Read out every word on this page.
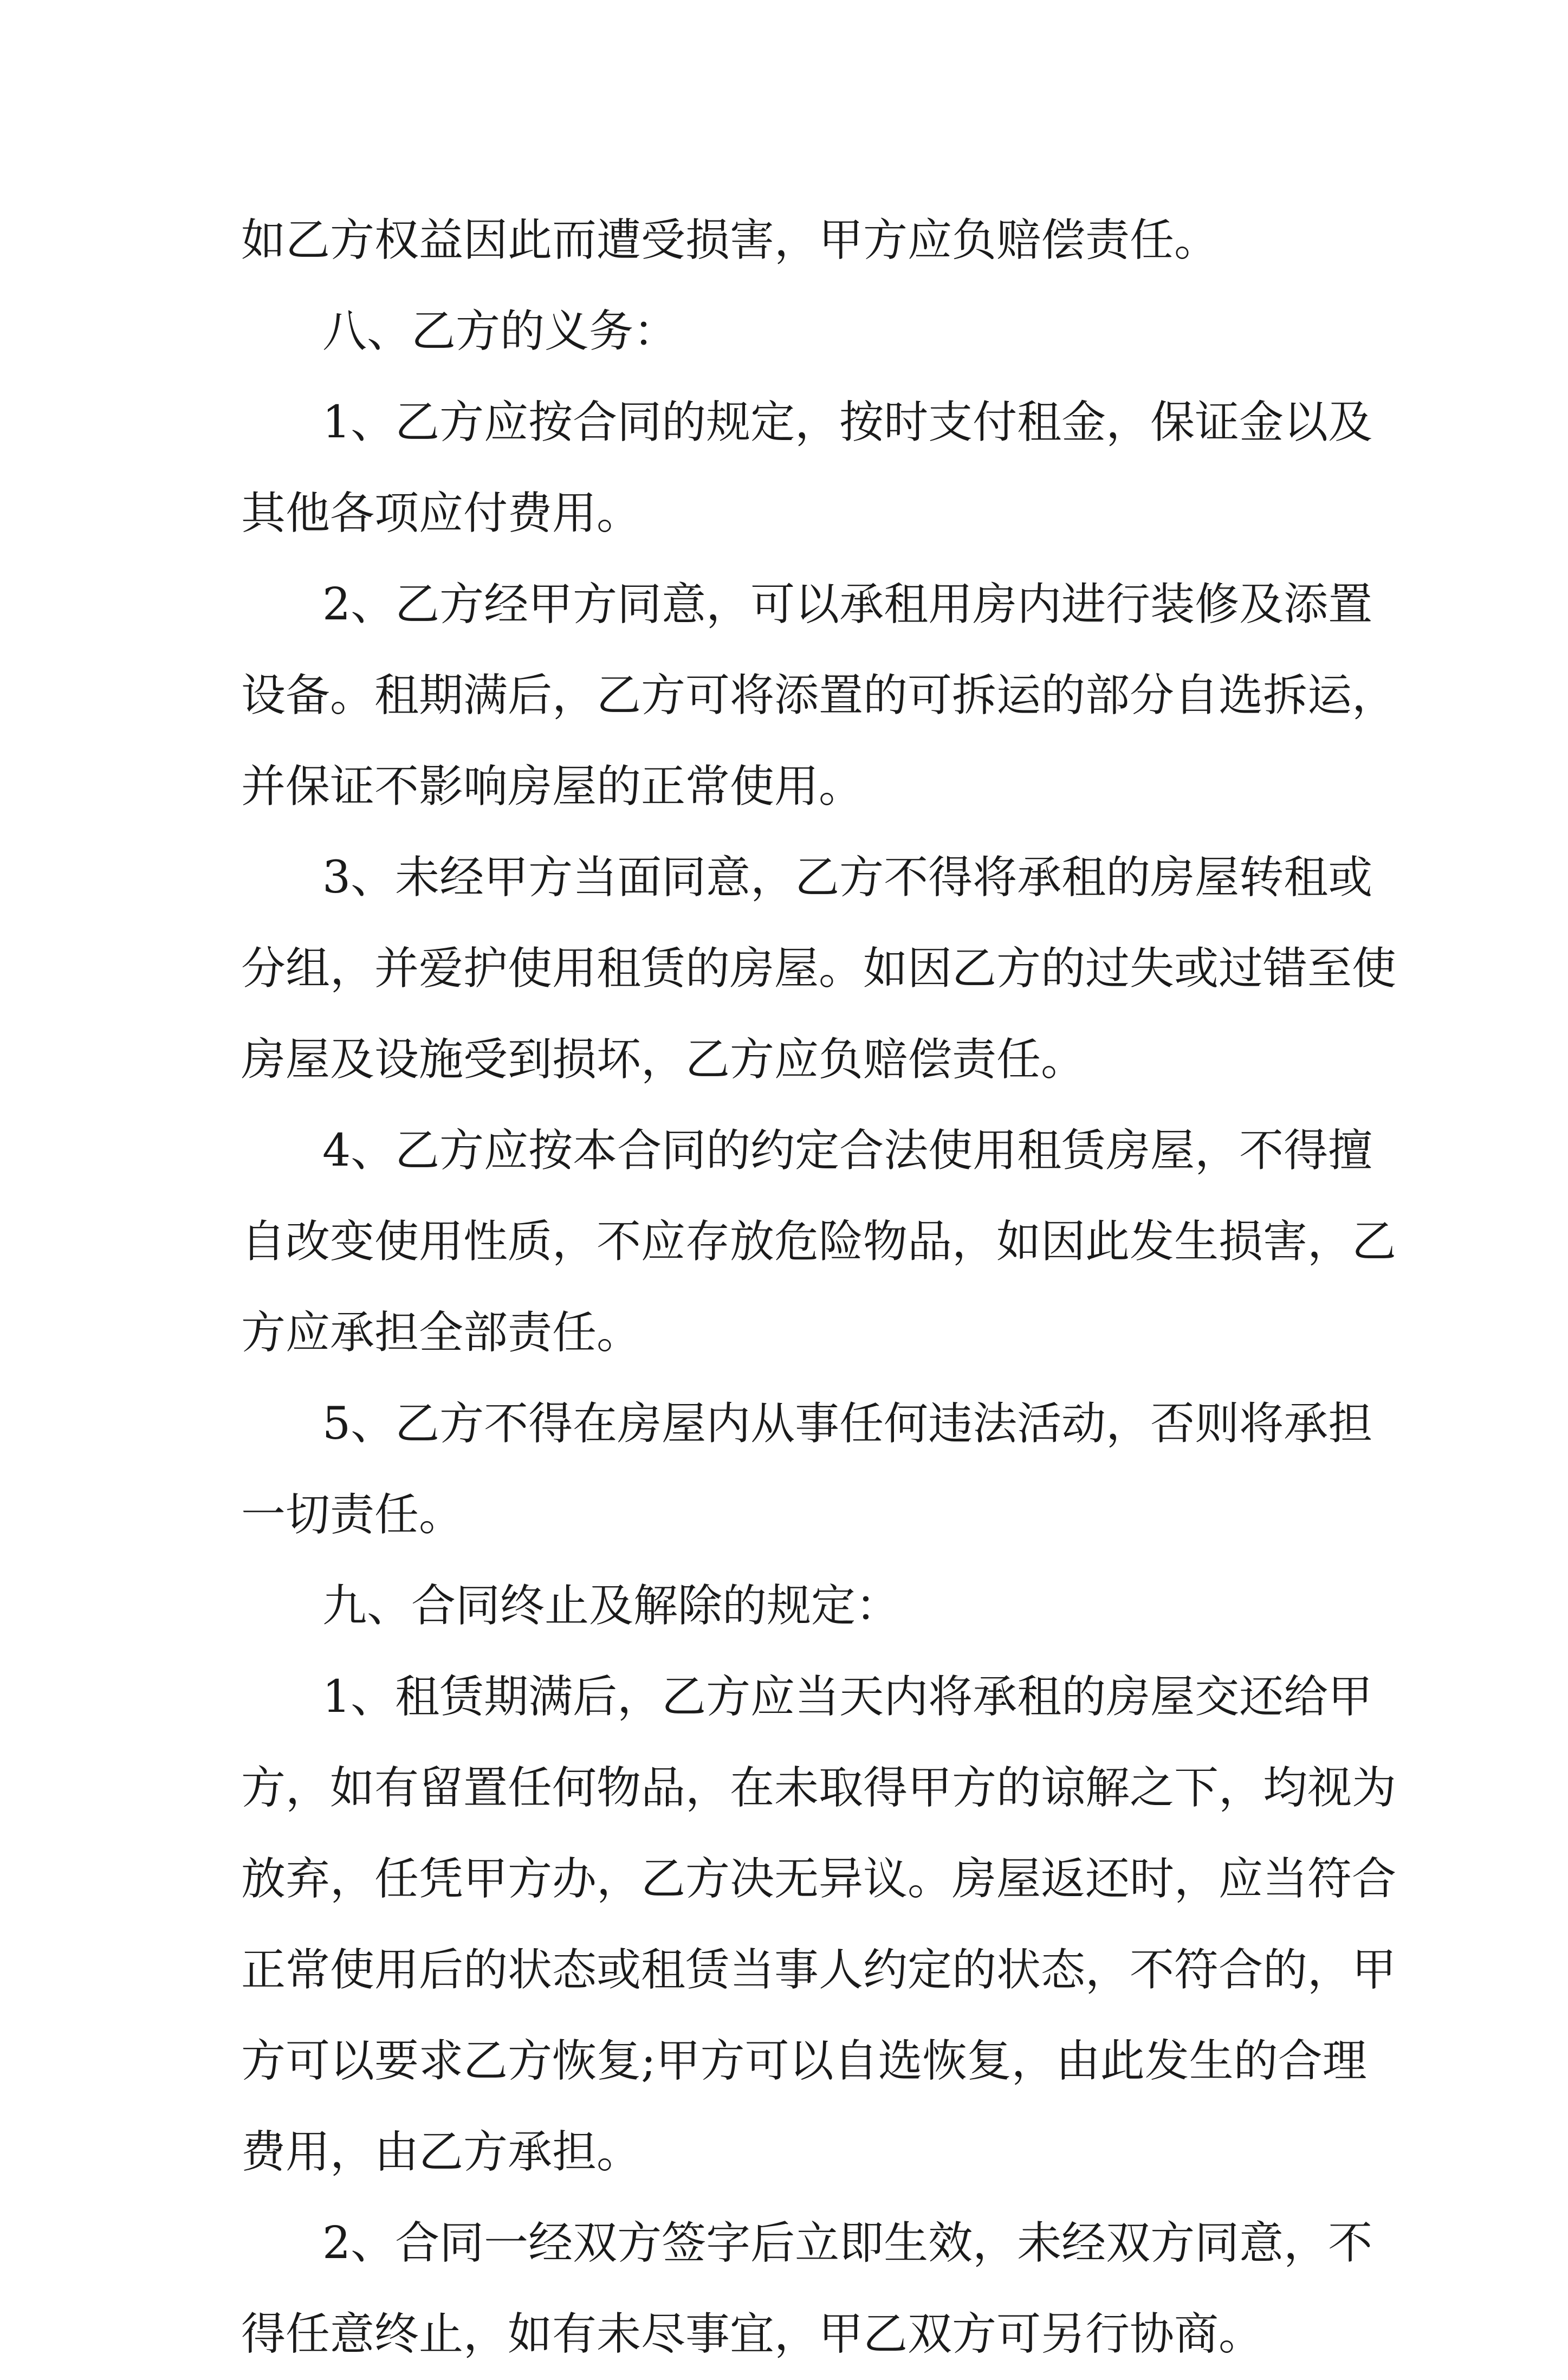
如乙方权益因此而遭受损害，甲方应负赔偿责任。
八、乙方的义务：
1、乙方应按合同的规定，按时支付租金，保证金以及
其他各项应付费用。
2、乙方经甲方同意，可以承租用房内进行装修及添置
设备。租期满后，乙方可将添置的可拆运的部分自选拆运，
并保证不影响房屋的正常使用。
3、未经甲方当面同意，乙方不得将承租的房屋转租或
分组，并爱护使用租赁的房屋。如因乙方的过失或过错至使
房屋及设施受到损坏，乙方应负赔偿责任。
4、乙方应按本合同的约定合法使用租赁房屋，不得擅
自改变使用性质，不应存放危险物品，如因此发生损害，乙
方应承担全部责任。
5、乙方不得在房屋内从事任何违法活动，否则将承担
一切责任。
九、合同终止及解除的规定：
1、租赁期满后，乙方应当天内将承租的房屋交还给甲
方，如有留置任何物品，在未取得甲方的谅解之下，均视为
放弃，任凭甲方办，乙方决无异议。房屋返还时，应当符合
正常使用后的状态或租赁当事人约定的状态，不符合的，甲
方可以要求乙方恢复;甲方可以自选恢复，由此发生的合理
费用，由乙方承担。
2、合同一经双方签字后立即生效，未经双方同意，不
得任意终止，如有未尽事宜，甲乙双方可另行协商。
